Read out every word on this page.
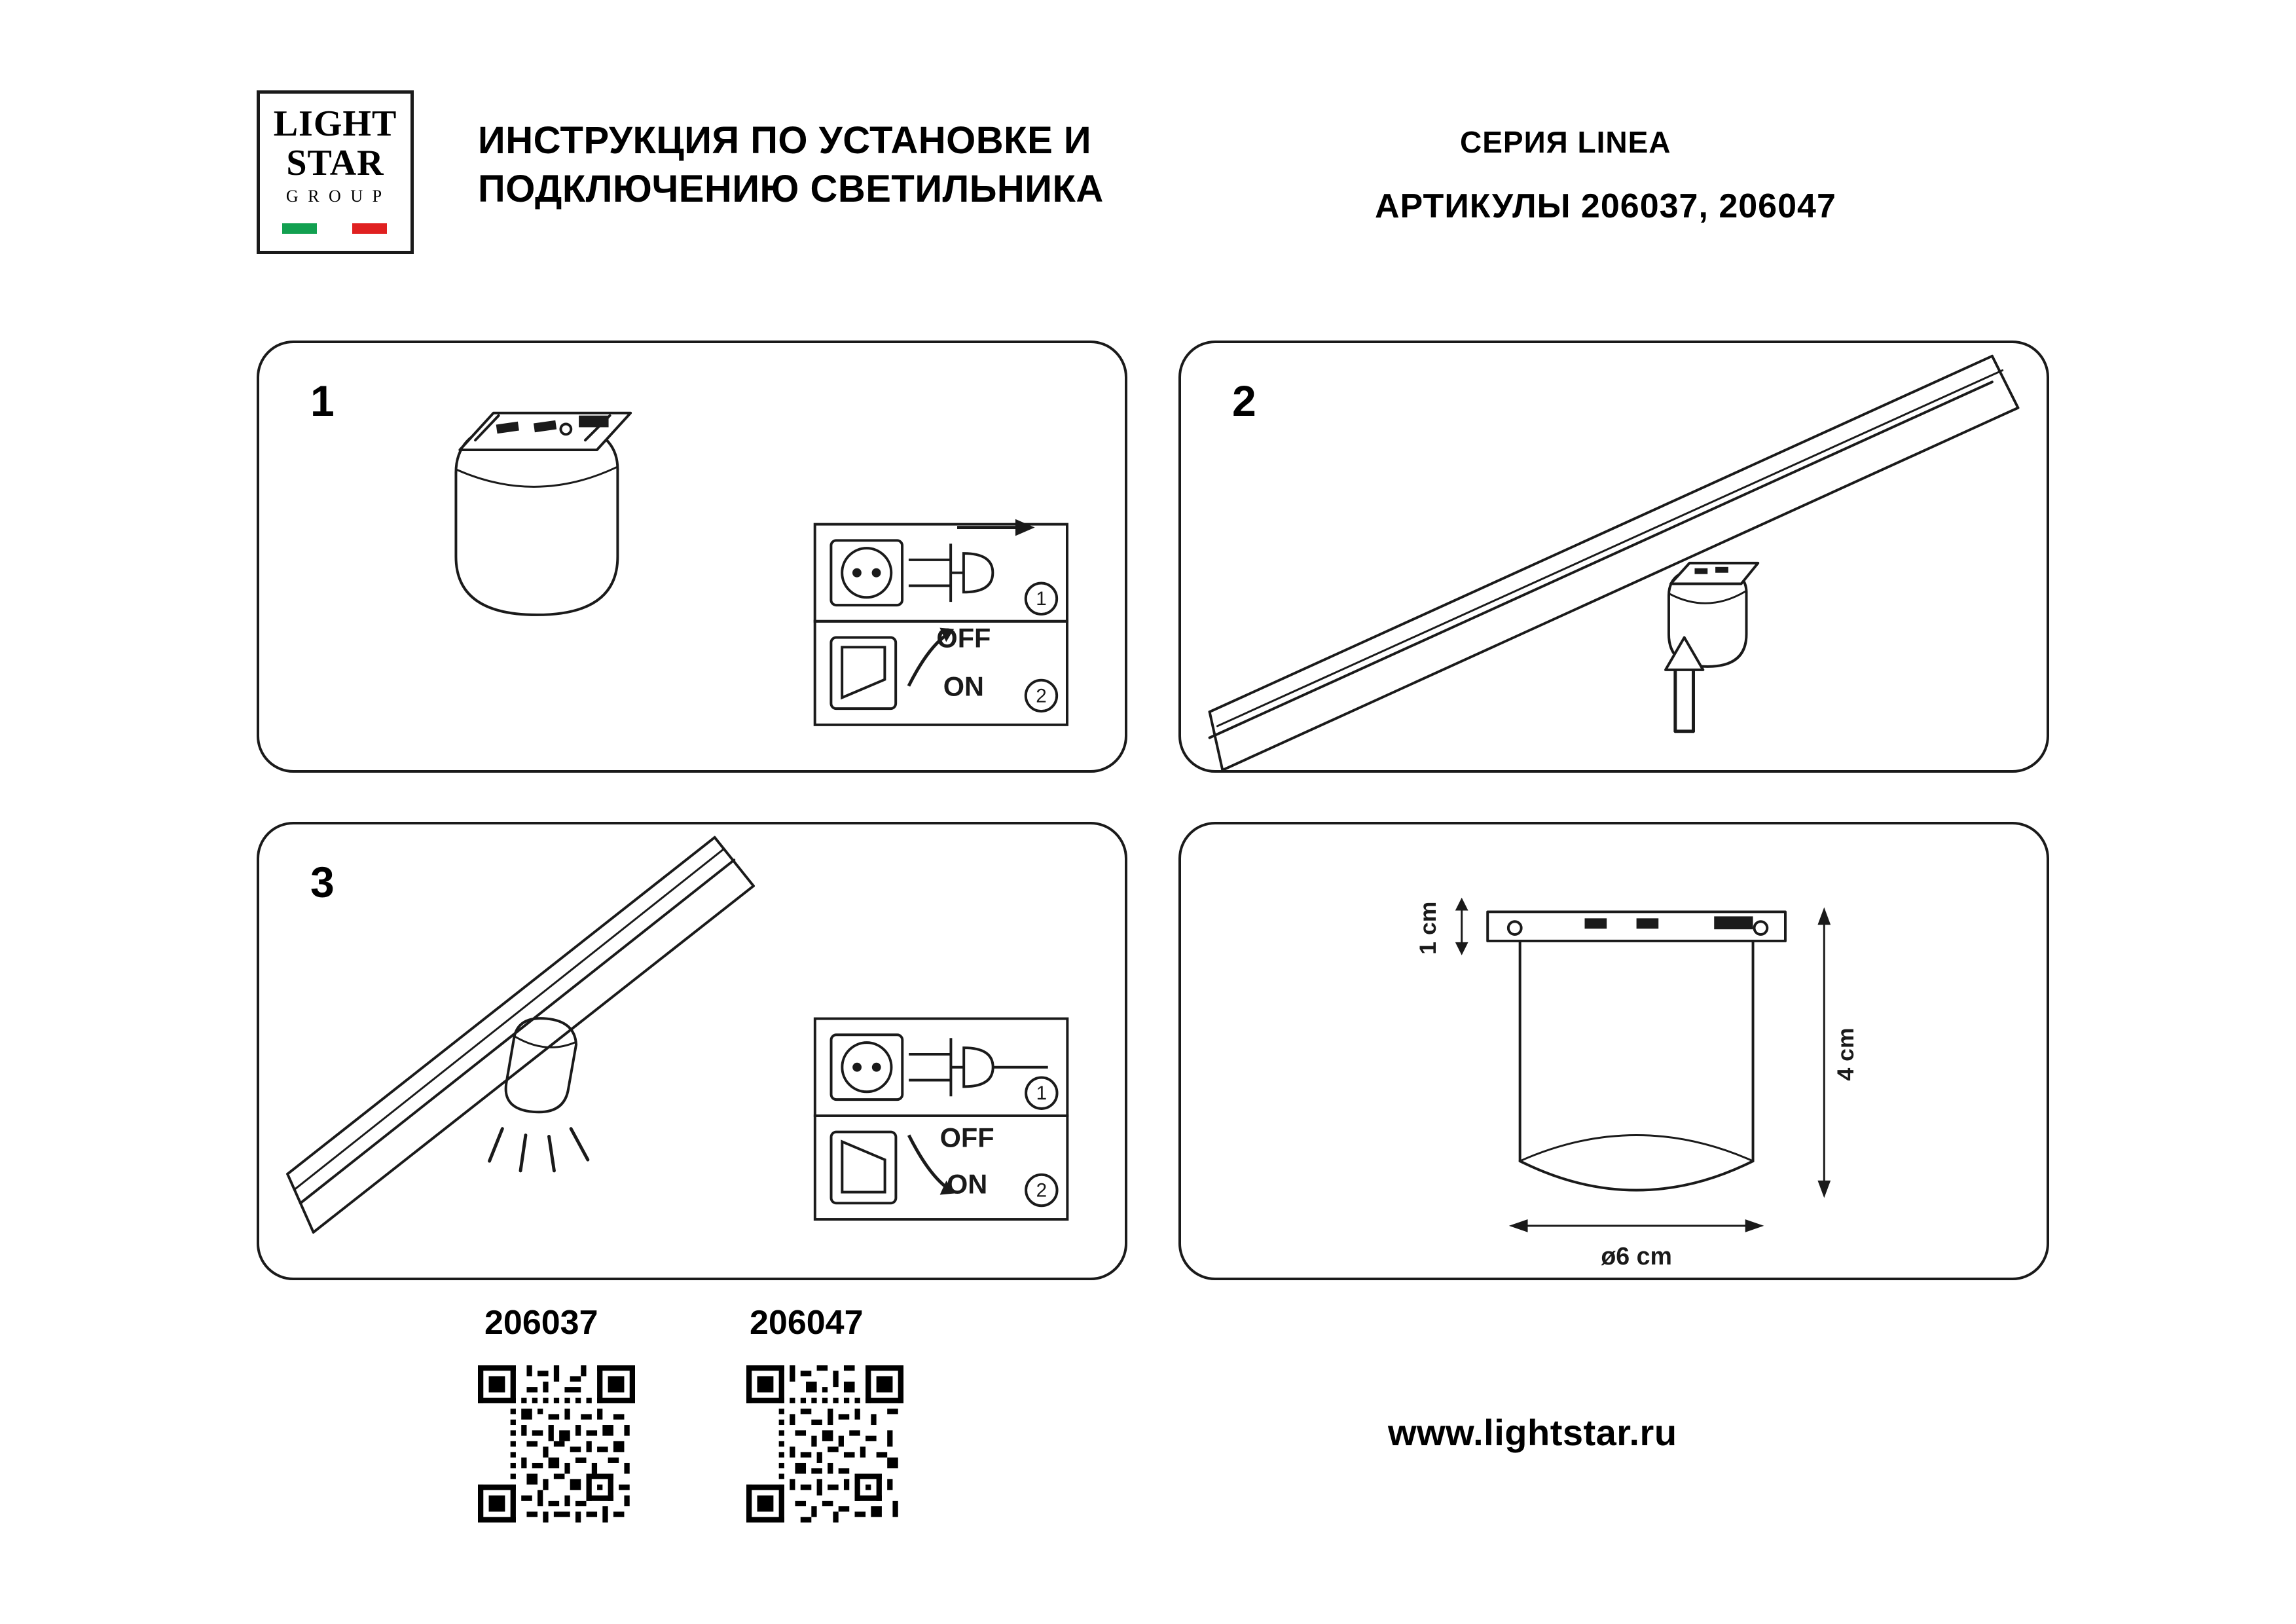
LIGHT
STAR
G R O U P
ИНСТРУКЦИЯ ПО УСТАНОВКЕ И ПОДКЛЮЧЕНИЮ СВЕТИЛЬНИКА
СЕРИЯ LINEA
АРТИКУЛЫ 206037, 206047
1
1
2
OFF
ON
2
3
1
2
OFF
ON
1 cm
4 cm
ø6 cm
206037	206047
www.lightstar.ru
